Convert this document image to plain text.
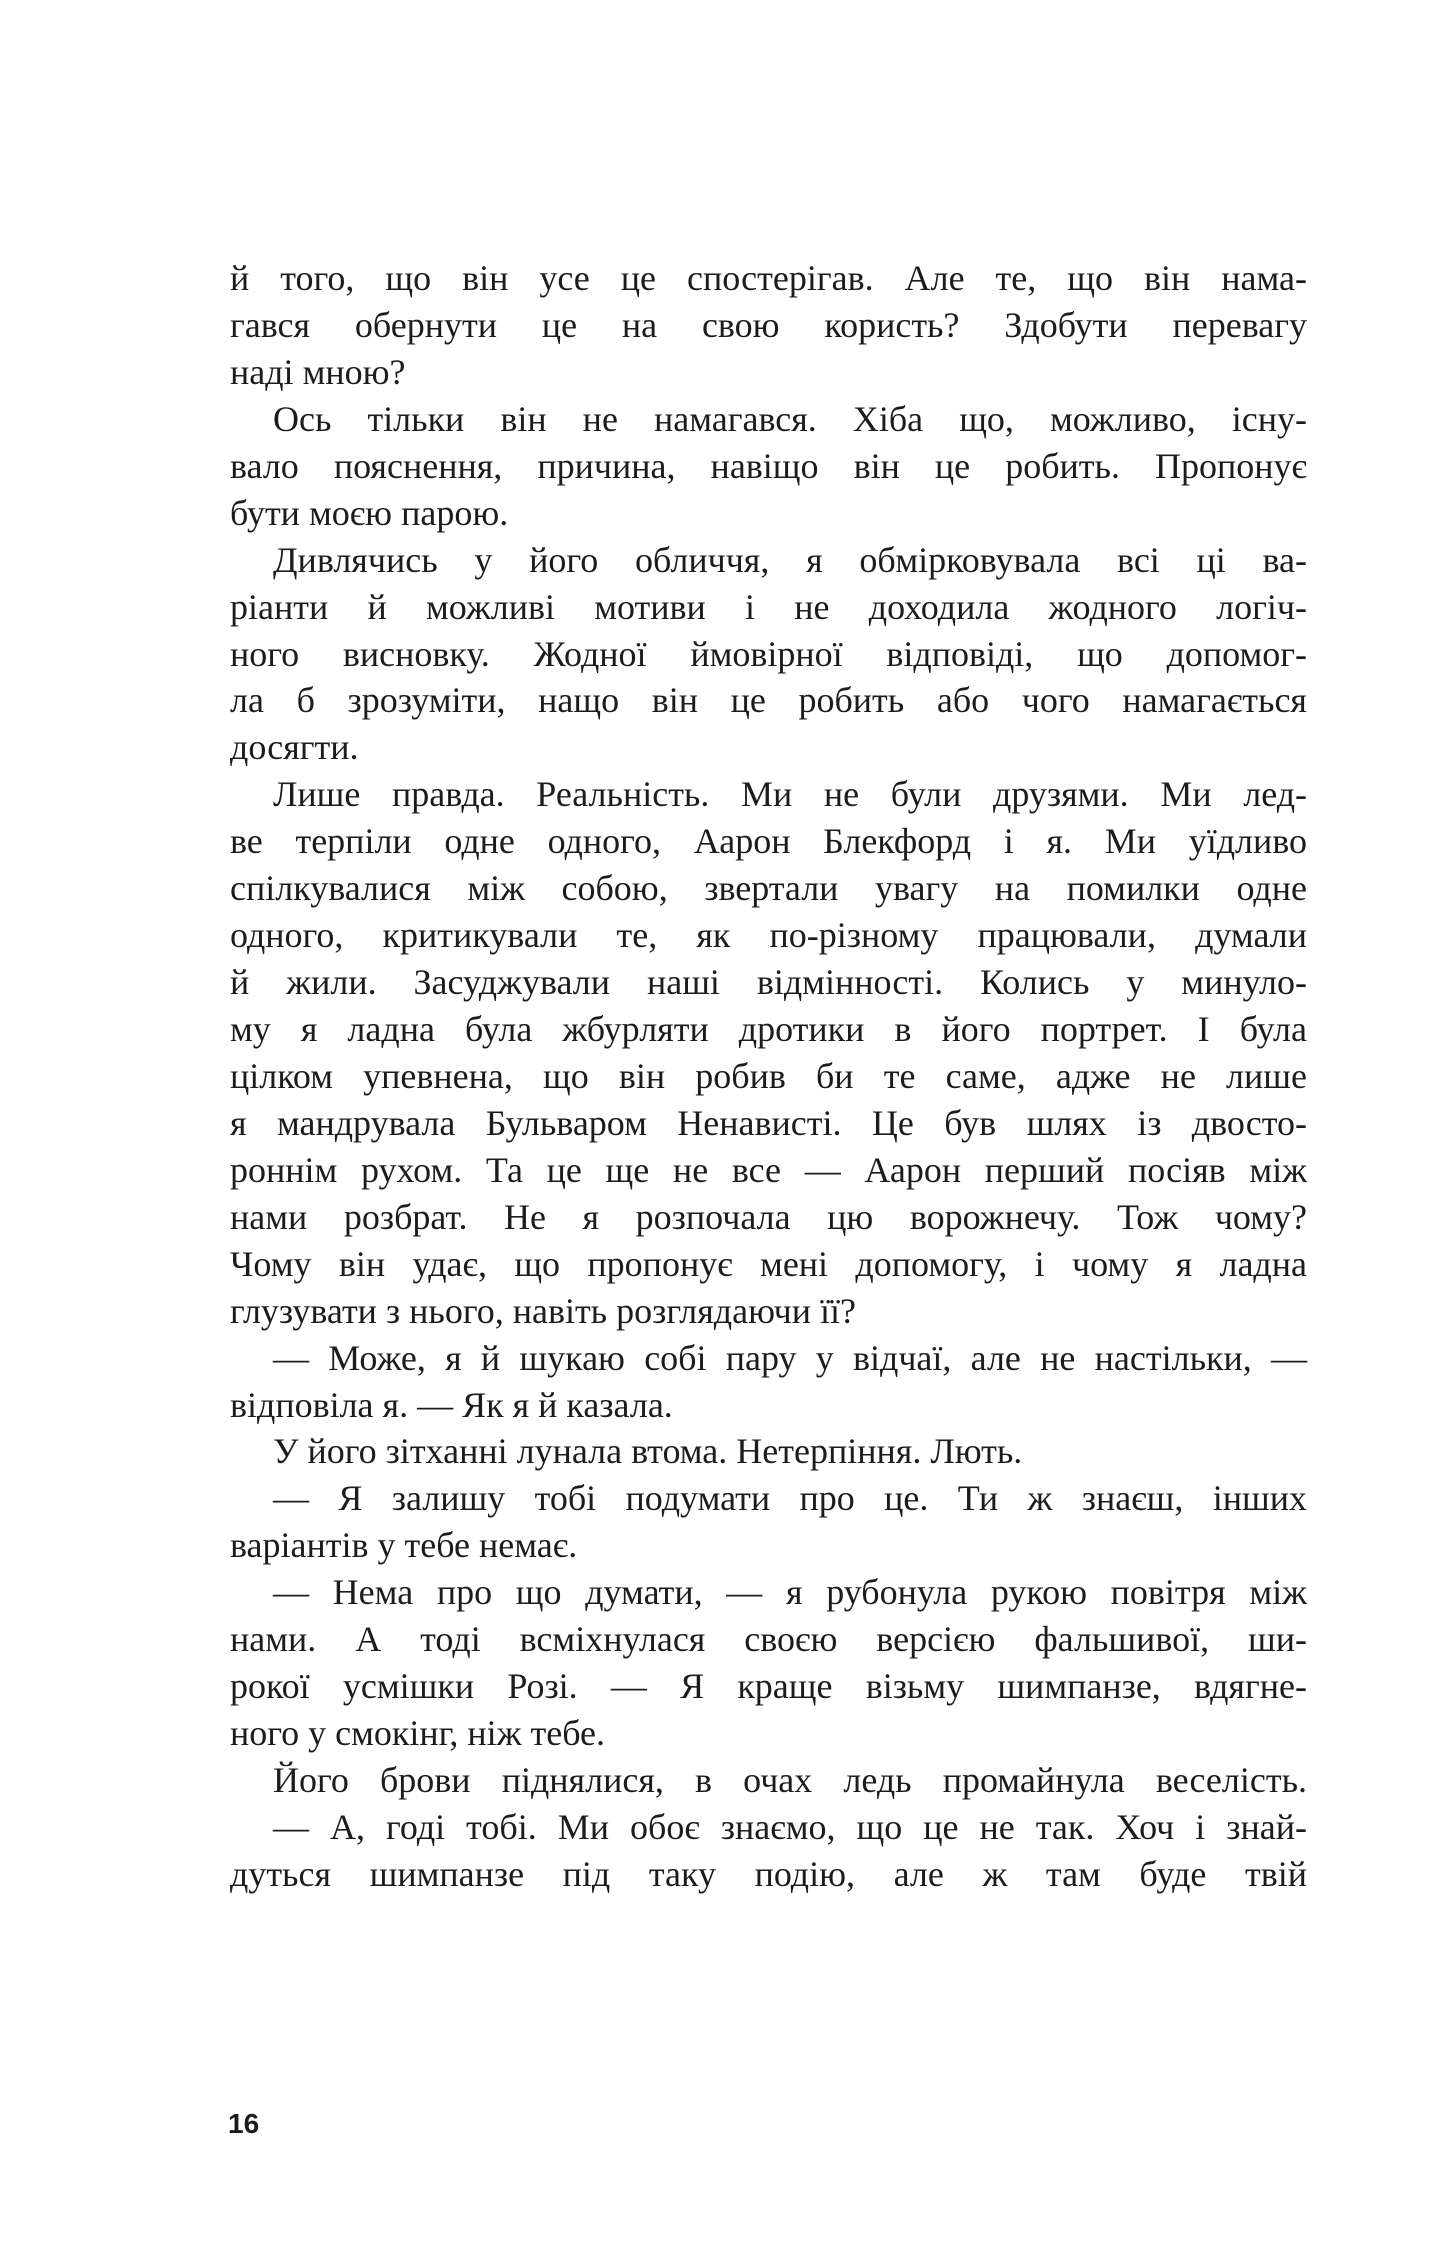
й того, що він усе це спостерігав. Але те, що він нама-
гався обернути це на свою користь? Здобути перевагу
наді мною?
Ось тільки він не намагався. Хіба що, можливо, існу-
вало пояснення, причина, навіщо він це робить. Пропонує
бути моєю парою.
Дивлячись у його обличчя, я обмірковувала всі ці ва-
ріанти й можливі мотиви і не доходила жодного логіч-
ного висновку. Жодної ймовірної відповіді, що допомог-
ла б зрозуміти, нащо він це робить або чого намагається
досягти.
Лише правда. Реальність. Ми не були друзями. Ми лед-
ве терпіли одне одного, Аарон Блекфорд і я. Ми уїдливо
спілкувалися між собою, звертали увагу на помилки одне
одного, критикували те, як по-різному працювали, думали
й жили. Засуджували наші відмінності. Колись у минуло-
му я ладна була жбурляти дротики в його портрет. І була
цілком упевнена, що він робив би те саме, адже не лише
я мандрувала Бульваром Ненависті. Це був шлях із двосто-
роннім рухом. Та це ще не все — Аарон перший посіяв між
нами розбрат. Не я розпочала цю ворожнечу. Тож чому?
Чому він удає, що пропонує мені допомогу, і чому я ладна
глузувати з нього, навіть розглядаючи її?
— Може, я й шукаю собі пару у відчаї, але не настільки, —
відповіла я. — Як я й казала.
У його зітханні лунала втома. Нетерпіння. Лють.
— Я залишу тобі подумати про це. Ти ж знаєш, інших
варіантів у тебе немає.
— Нема про що думати, — я рубонула рукою повітря між
нами. А тоді всміхнулася своєю версією фальшивої, ши-
рокої усмішки Розі. — Я краще візьму шимпанзе, вдягне-
ного у смокінг, ніж тебе.
Його брови піднялися, в очах ледь промайнула веселість.
— А, годі тобі. Ми обоє знаємо, що це не так. Хоч і знай-
дуться шимпанзе під таку подію, але ж там буде твій
16
